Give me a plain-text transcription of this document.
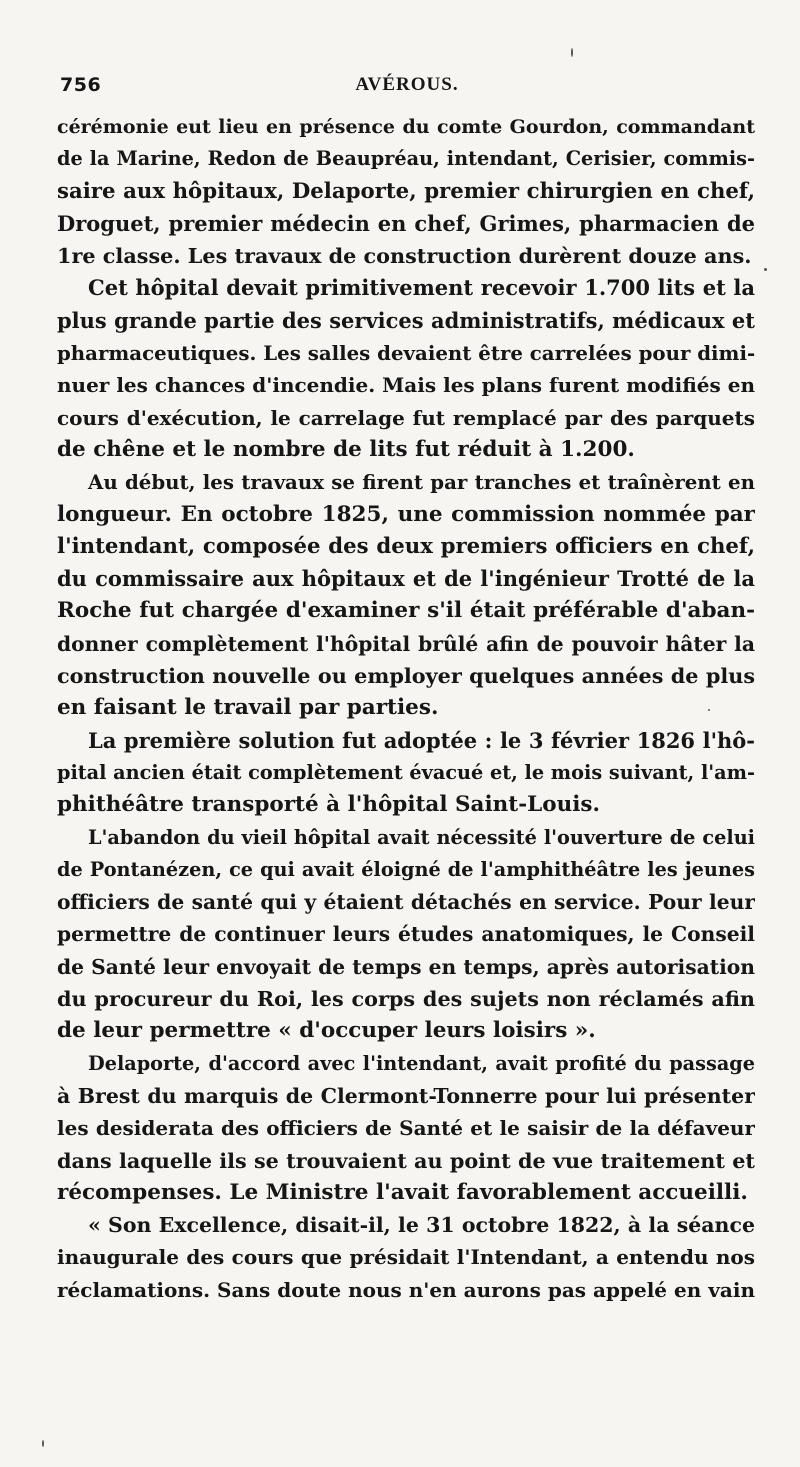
756	AVÉROUS.
cérémonie eut lieu en présence du comte Gourdon, commandant
de la Marine, Redon de Beaupréau, intendant, Cerisier, commis-
saire aux hôpitaux, Delaporte, premier chirurgien en chef,
Droguet, premier médecin en chef, Grimes, pharmacien de
1re classe. Les travaux de construction durèrent douze ans.
Cet hôpital devait primitivement recevoir 1.700 lits et la
plus grande partie des services administratifs, médicaux et
pharmaceutiques. Les salles devaient être carrelées pour dimi-
nuer les chances d'incendie. Mais les plans furent modifiés en
cours d'exécution, le carrelage fut remplacé par des parquets
de chêne et le nombre de lits fut réduit à 1.200.
Au début, les travaux se firent par tranches et traînèrent en
longueur. En octobre 1825, une commission nommée par
l'intendant, composée des deux premiers officiers en chef,
du commissaire aux hôpitaux et de l'ingénieur Trotté de la
Roche fut chargée d'examiner s'il était préférable d'aban-
donner complètement l'hôpital brûlé afin de pouvoir hâter la
construction nouvelle ou employer quelques années de plus
en faisant le travail par parties.
La première solution fut adoptée : le 3 février 1826 l'hô-
pital ancien était complètement évacué et, le mois suivant, l'am-
phithéâtre transporté à l'hôpital Saint-Louis.
L'abandon du vieil hôpital avait nécessité l'ouverture de celui
de Pontanézen, ce qui avait éloigné de l'amphithéâtre les jeunes
officiers de santé qui y étaient détachés en service. Pour leur
permettre de continuer leurs études anatomiques, le Conseil
de Santé leur envoyait de temps en temps, après autorisation
du procureur du Roi, les corps des sujets non réclamés afin
de leur permettre « d'occuper leurs loisirs ».
Delaporte, d'accord avec l'intendant, avait profité du passage
à Brest du marquis de Clermont-Tonnerre pour lui présenter
les desiderata des officiers de Santé et le saisir de la défaveur
dans laquelle ils se trouvaient au point de vue traitement et
récompenses. Le Ministre l'avait favorablement accueilli.
« Son Excellence, disait-il, le 31 octobre 1822, à la séance
inaugurale des cours que présidait l'Intendant, a entendu nos
réclamations. Sans doute nous n'en aurons pas appelé en vain
